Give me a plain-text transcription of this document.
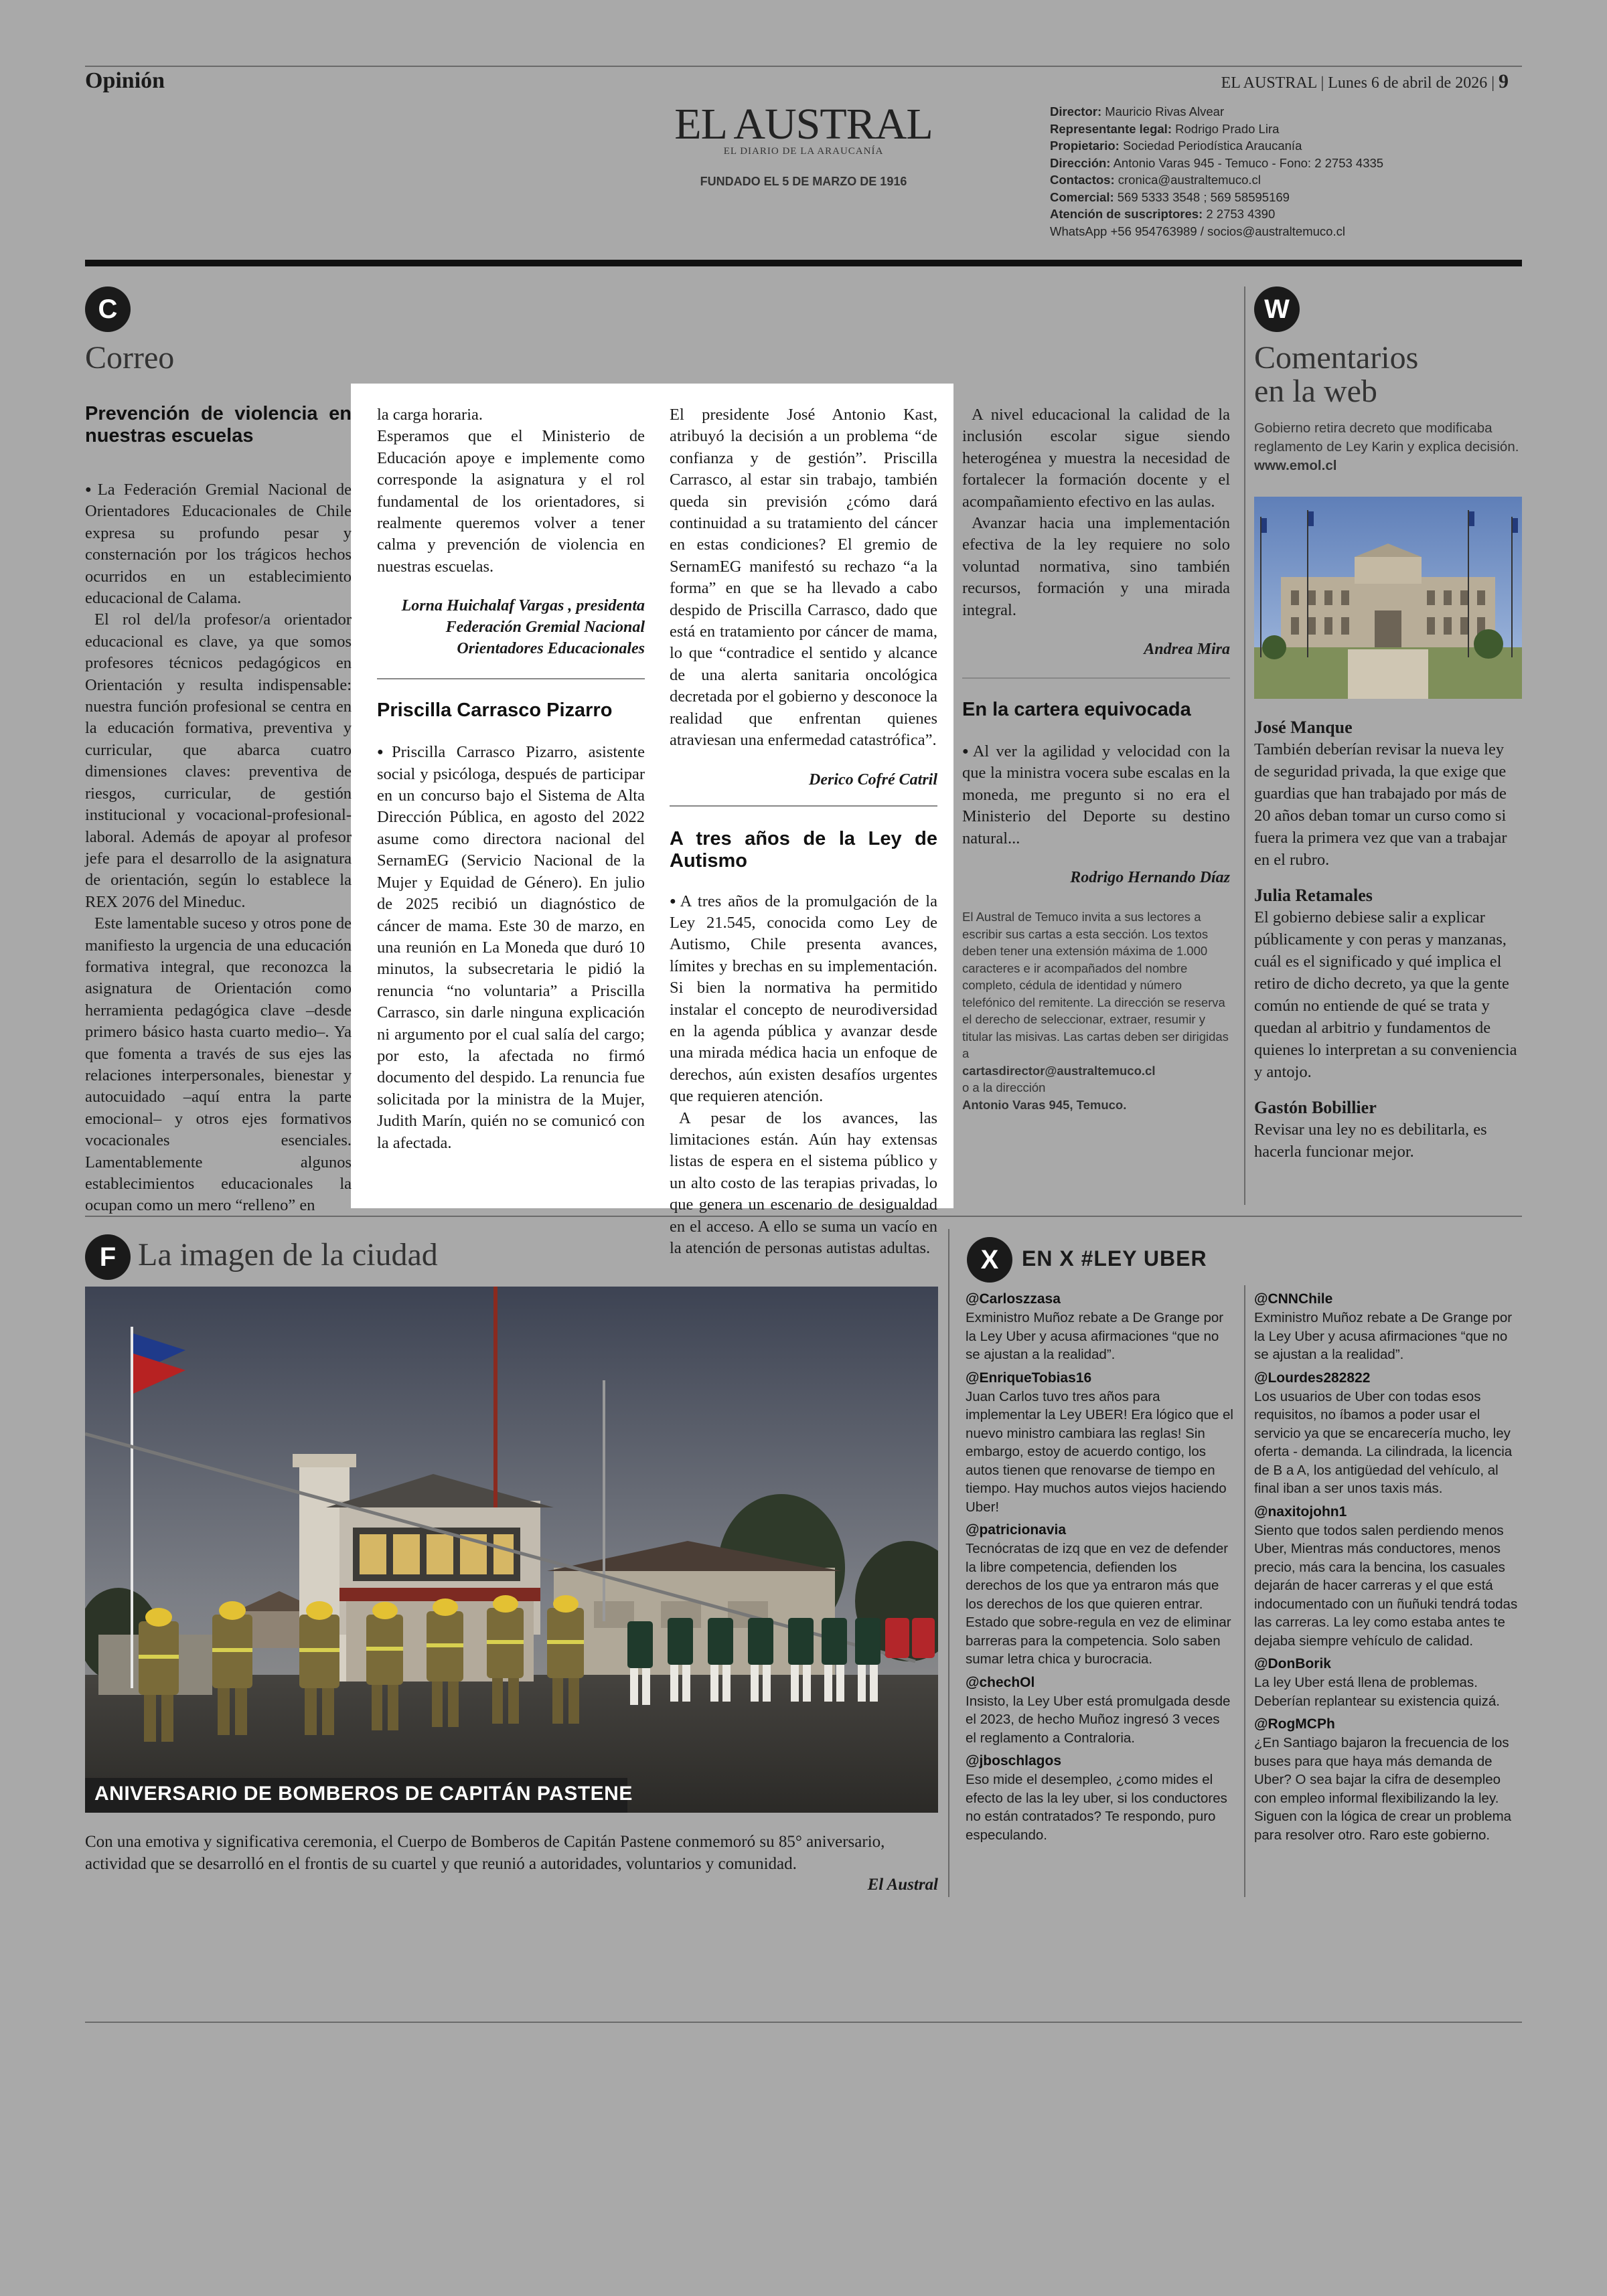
Opinión
EL AUSTRAL
EL DIARIO DE LA ARAUCANÍA
FUNDADO EL 5 DE MARZO DE 1916
EL AUSTRAL | Lunes 6 de abril de 2026 | 9
Director: Mauricio Rivas Alvear
Representante legal: Rodrigo Prado Lira
Propietario: Sociedad Periodística Araucanía
Dirección: Antonio Varas 945 - Temuco - Fono: 2 2753 4335
Contactos: cronica@australtemuco.cl
Comercial: 569 5333 3548 ; 569 58595169
Atención de suscriptores: 2 2753 4390
WhatsApp +56 954763989 / socios@australtemuco.cl
C
Correo
Prevención de violencia en nuestras escuelas

● La Federación Gremial Nacional de Orientadores Educacionales de Chile expresa su profundo pesar y consternación por los trágicos hechos ocurridos en un establecimiento educacional de Calama.

El rol del/la profesor/a orientador educacional es clave, ya que somos profesores técnicos pedagógicos en Orientación y resulta indispensable: nuestra función profesional se centra en la educación formativa, preventiva y curricular, que abarca cuatro dimensiones claves: preventiva de riesgos, curricular, de gestión institucional y vocacional-profesional-laboral. Además de apoyar al profesor jefe para el desarrollo de la asignatura de orientación, según lo establece la REX 2076 del Mineduc.

Este lamentable suceso y otros pone de manifiesto la urgencia de una educación formativa integral, que reconozca la asignatura de Orientación como herramienta pedagógica clave –desde primero básico hasta cuarto medio–. Ya que fomenta a través de sus ejes las relaciones interpersonales, bienestar y autocuidado –aquí entra la parte emocional– y otros ejes formativos vocacionales esenciales. Lamentablemente algunos establecimientos educacionales la ocupan como un mero “relleno” en

la carga horaria.

Esperamos que el Ministerio de Educación apoye e implemente como corresponde la asignatura y el rol fundamental de los orientadores, si realmente queremos volver a tener calma y prevención de violencia en nuestras escuelas.

Lorna Huichalaf Vargas , presidenta Federación Gremial Nacional Orientadores Educacionales
Priscilla Carrasco Pizarro

● Priscilla Carrasco Pizarro, asistente social y psicóloga, después de participar en un concurso bajo el Sistema de Alta Dirección Pública, en agosto del 2022 asume como directora nacional del SernamEG (Servicio Nacional de la Mujer y Equidad de Género). En julio de 2025 recibió un diagnóstico de cáncer de mama. Este 30 de marzo, en una reunión en La Moneda que duró 10 minutos, la subsecretaria le pidió la renuncia “no voluntaria” a Priscilla Carrasco, sin darle ninguna explicación ni argumento por el cual salía del cargo; por esto, la afectada no firmó documento del despido. La renuncia fue solicitada por la ministra de la Mujer, Judith Marín, quién no se comunicó con la afectada.

El presidente José Antonio Kast, atribuyó la decisión a un problema “de confianza y de gestión”. Priscilla Carrasco, al estar sin trabajo, también queda sin previsión ¿cómo dará continuidad a su tratamiento del cáncer en estas condiciones? El gremio de SernamEG manifestó su rechazo “a la forma” en que se ha llevado a cabo despido de Priscilla Carrasco, dado que está en tratamiento por cáncer de mama, lo que “contradice el sentido y alcance de una alerta sanitaria oncológica decretada por el gobierno y desconoce la realidad que enfrentan quienes atraviesan una enfermedad catastrófica”.

Derico Cofré Catril
A tres años de la Ley de Autismo

● A tres años de la promulgación de la Ley 21.545, conocida como Ley de Autismo, Chile presenta avances, límites y brechas en su implementación. Si bien la normativa ha permitido instalar el concepto de neurodiversidad en la agenda pública y avanzar desde una mirada médica hacia un enfoque de derechos, aún existen desafíos urgentes que requieren atención.

A pesar de los avances, las limitaciones están. Aún hay extensas listas de espera en el sistema público y un alto costo de las terapias privadas, lo que genera un escenario de desigualdad en el acceso. A ello se suma un vacío en la atención de personas autistas adultas.

A nivel educacional la calidad de la inclusión escolar sigue siendo heterogénea y muestra la necesidad de fortalecer la formación docente y el acompañamiento efectivo en las aulas.

Avanzar hacia una implementación efectiva de la ley requiere no solo voluntad normativa, sino también recursos, formación y una mirada integral.

Andrea Mira
En la cartera equivocada

● Al ver la agilidad y velocidad con la que la ministra vocera sube escalas en la moneda, me pregunto si no era el Ministerio del Deporte su destino natural...

Rodrigo Hernando Díaz
El Austral de Temuco invita a sus lectores a escribir sus cartas a esta sección. Los textos deben tener una extensión máxima de 1.000 caracteres e ir acompañados del nombre completo, cédula de identidad y número telefónico del remitente. La dirección se reserva el derecho de seleccionar, extraer, resumir y titular las misivas. Las cartas deben ser dirigidas a
cartasdirector@australtemuco.cl
o a la dirección
Antonio Varas 945, Temuco.
W
Comentarios
en la web
Gobierno retira decreto que modificaba reglamento de Ley Karin y explica decisión. www.emol.cl
José Manque
También deberían revisar la nueva ley de seguridad privada, la que exige que guardias que han trabajado por más de 20 años deban tomar un curso como si fuera la primera vez que van a trabajar en el rubro.
Julia Retamales
El gobierno debiese salir a explicar públicamente y con peras y manzanas, cuál es el significado y qué implica el retiro de dicho decreto, ya que la gente común no entiende de qué se trata y quedan al arbitrio y fundamentos de quienes lo interpretan a su conveniencia y antojo.
Gastón Bobillier
Revisar una ley no es debilitarla, es hacerla funcionar mejor.
F La imagen de la ciudad
ANIVERSARIO DE BOMBEROS DE CAPITÁN PASTENE
Con una emotiva y significativa ceremonia, el Cuerpo de Bomberos de Capitán Pastene conmemoró su 85° aniversario, actividad que se desarrolló en el frontis de su cuartel y que reunió a autoridades, voluntarios y comunidad.
El Austral
X	EN X #LEY UBER
@Carloszzasa
Exministro Muñoz rebate a De Grange por la Ley Uber y acusa afirmaciones “que no se ajustan a la realidad”.
@EnriqueTobias16
Juan Carlos tuvo tres años para implementar la Ley UBER! Era lógico que el nuevo ministro cambiara las reglas! Sin embargo, estoy de acuerdo contigo, los autos tienen que renovarse de tiempo en tiempo. Hay muchos autos viejos haciendo Uber!
@patricionavia
Tecnócratas de izq que en vez de defender la libre competencia, defienden los derechos de los que ya entraron más que los derechos de los que quieren entrar. Estado que sobre-regula en vez de eliminar barreras para la competencia. Solo saben sumar letra chica y burocracia.
@chechOl
Insisto, la Ley Uber está promulgada desde el 2023, de hecho Muñoz ingresó 3 veces el reglamento a Contraloria.
@jboschlagos
Eso mide el desempleo, ¿como mides el efecto de las la ley uber, si los conductores no están contratados? Te respondo, puro especulando.
@CNNChile
Exministro Muñoz rebate a De Grange por la Ley Uber y acusa afirmaciones “que no se ajustan a la realidad”.
@Lourdes282822
Los usuarios de Uber con todas esos requisitos, no íbamos a poder usar el servicio ya que se encarecería mucho, ley oferta - demanda. La cilindrada, la licencia de B a A, los antigüedad del vehículo, al final iban a ser unos taxis más.
@naxitojohn1
Siento que todos salen perdiendo menos Uber, Mientras más conductores, menos precio, más cara la bencina, los casuales dejarán de hacer carreras y el que está indocumentado con un ñuñuki tendrá todas las carreras. La ley como estaba antes te dejaba siempre vehículo de calidad.
@DonBorik
La ley Uber está llena de problemas. Deberían replantear su existencia quizá.
@RogMCPh
¿En Santiago bajaron la frecuencia de los buses para que haya más demanda de Uber? O sea bajar la cifra de desempleo con empleo informal flexibilizando la ley. Siguen con la lógica de crear un problema para resolver otro. Raro este gobierno.
